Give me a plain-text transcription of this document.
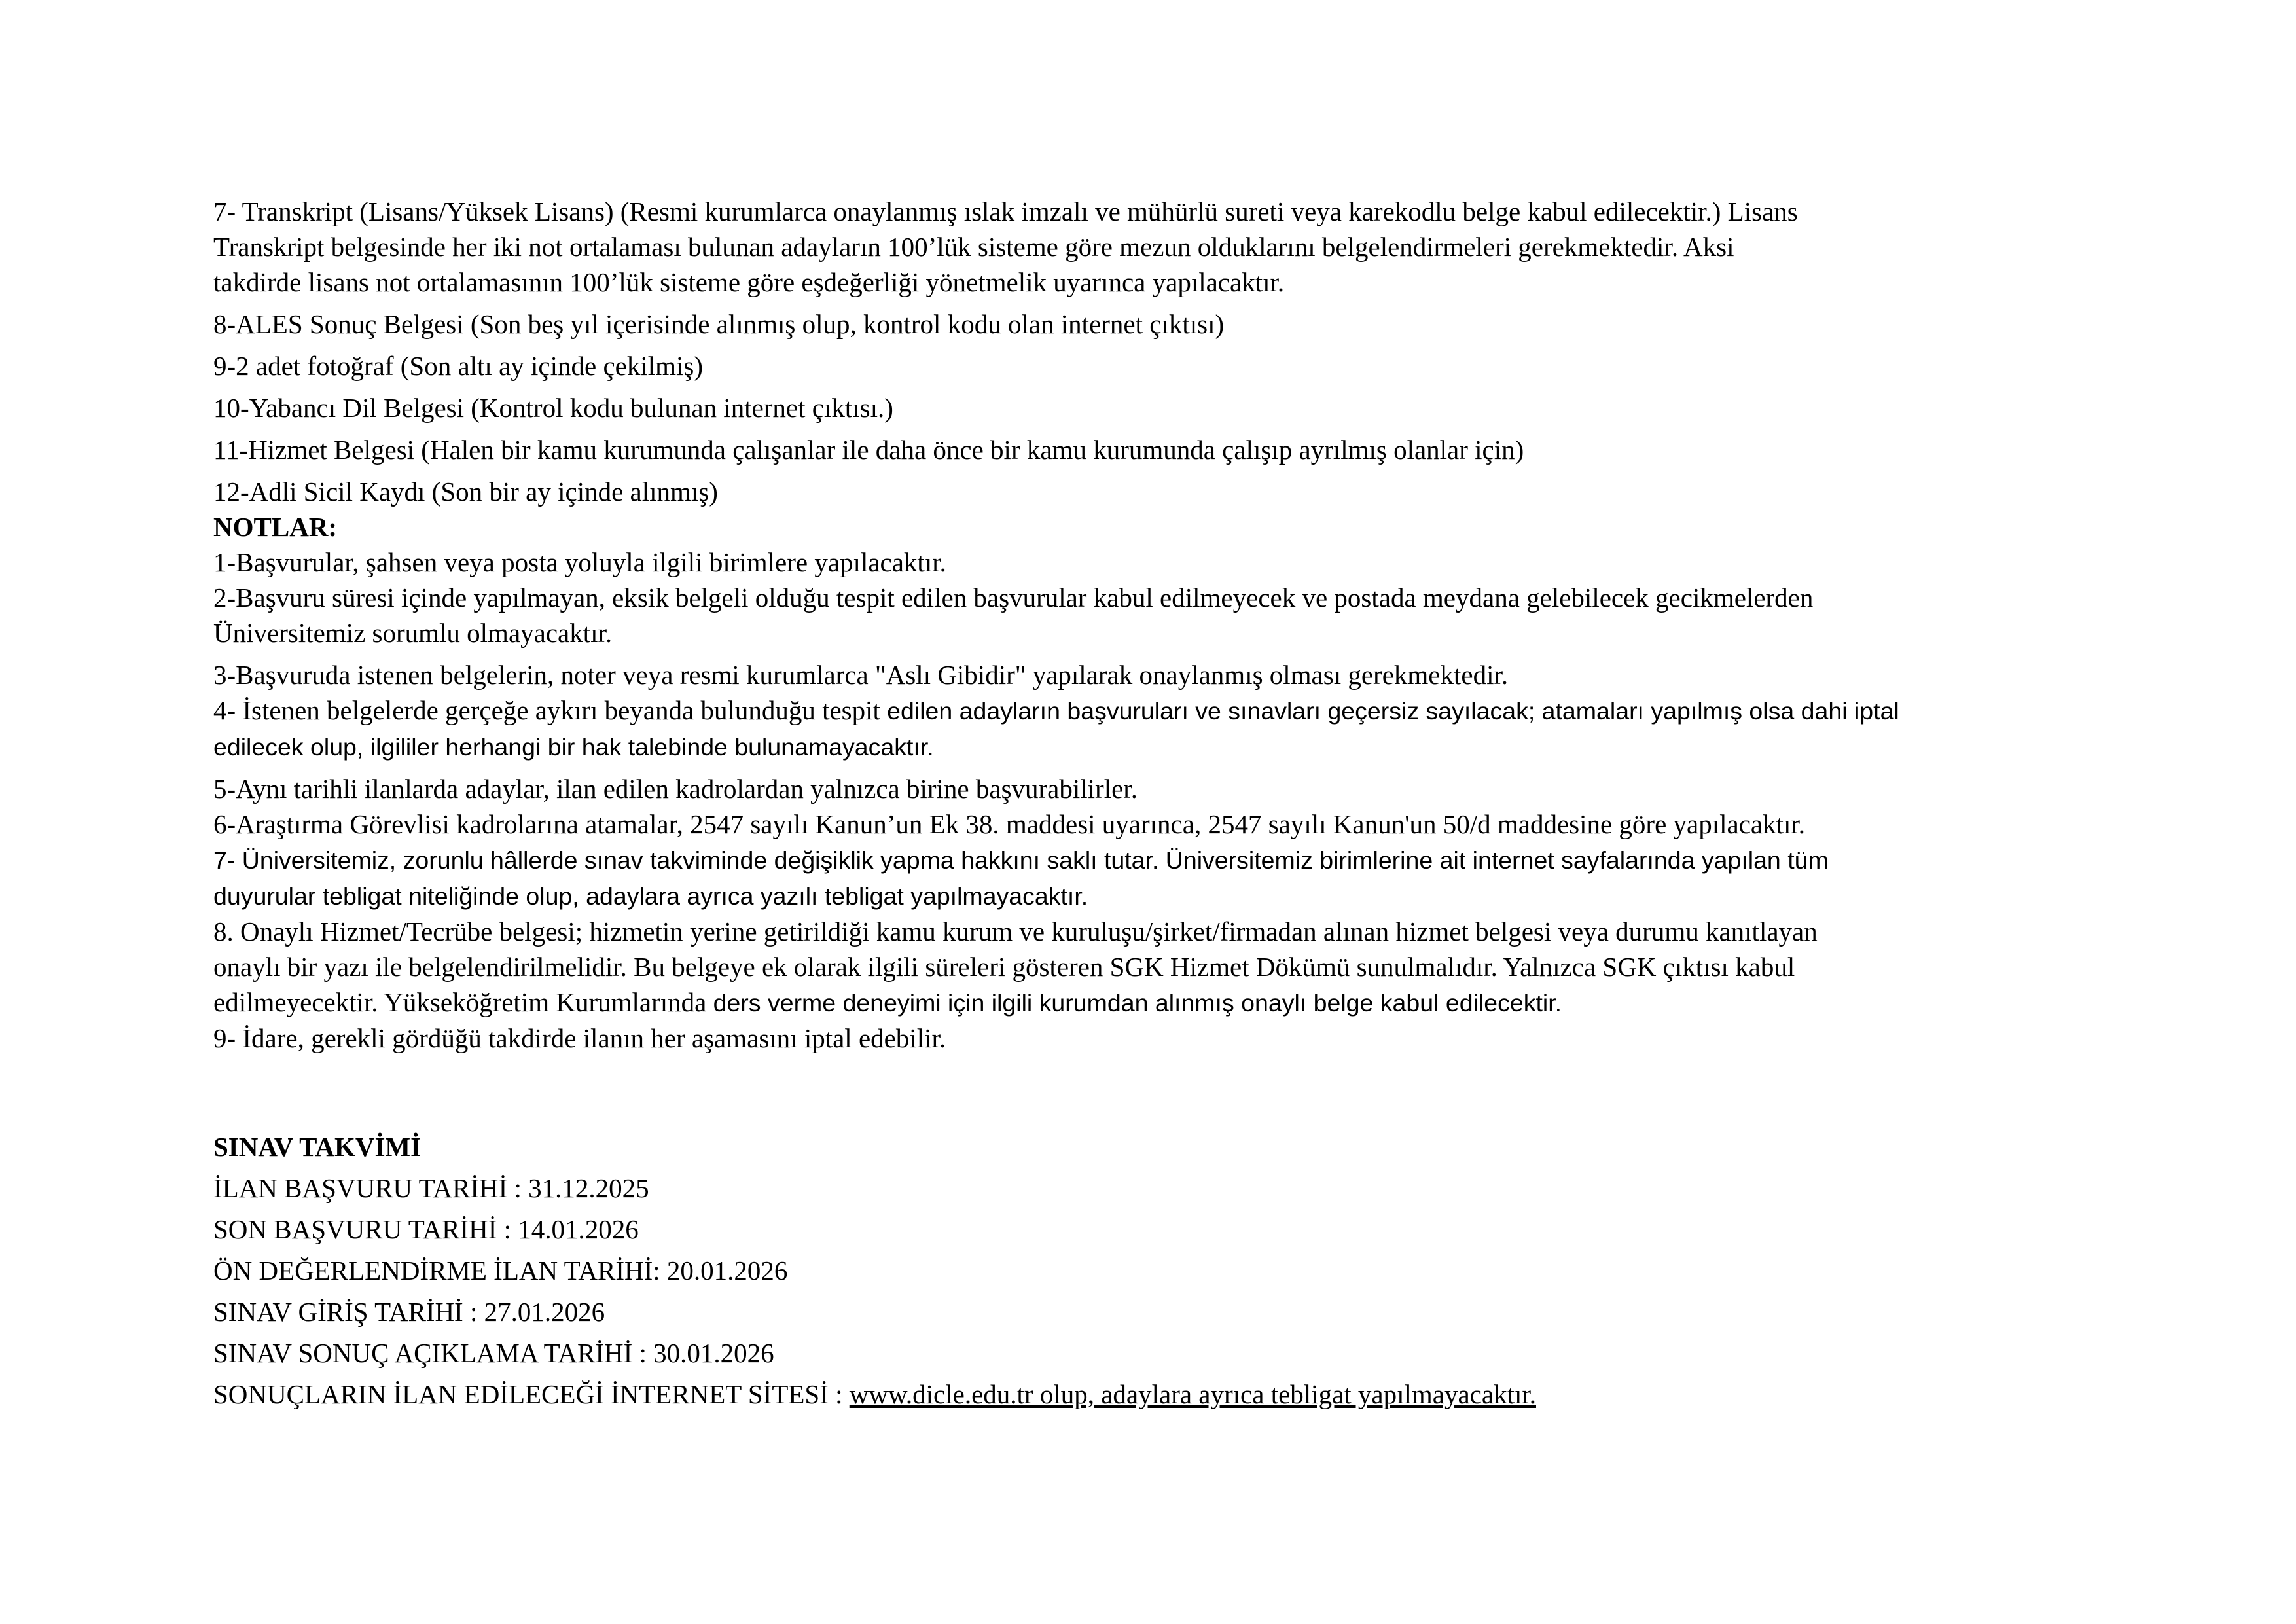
7- Transkript (Lisans/Yüksek Lisans) (Resmi kurumlarca onaylanmış ıslak imzalı ve mühürlü sureti veya karekodlu belge kabul edilecektir.) Lisans
Transkript belgesinde her iki not ortalaması bulunan adayların 100’lük sisteme göre mezun olduklarını belgelendirmeleri gerekmektedir. Aksi
takdirde lisans not ortalamasının 100’lük sisteme göre eşdeğerliği yönetmelik uyarınca yapılacaktır.

8-ALES Sonuç Belgesi (Son beş yıl içerisinde alınmış olup, kontrol kodu olan internet çıktısı)

9-2 adet fotoğraf (Son altı ay içinde çekilmiş)

10-Yabancı Dil Belgesi (Kontrol kodu bulunan internet çıktısı.)

11-Hizmet Belgesi (Halen bir kamu kurumunda çalışanlar ile daha önce bir kamu kurumunda çalışıp ayrılmış olanlar için)

12-Adli Sicil Kaydı (Son bir ay içinde alınmış)

NOTLAR:

1-Başvurular, şahsen veya posta yoluyla ilgili birimlere yapılacaktır.

2-Başvuru süresi içinde yapılmayan, eksik belgeli olduğu tespit edilen başvurular kabul edilmeyecek ve postada meydana gelebilecek gecikmelerden
Üniversitemiz sorumlu olmayacaktır.

3-Başvuruda istenen belgelerin, noter veya resmi kurumlarca "Aslı Gibidir" yapılarak onaylanmış olması gerekmektedir.

4- İstenen belgelerde gerçeğe aykırı beyanda bulunduğu tespit edilen adayların başvuruları ve sınavları geçersiz sayılacak; atamaları yapılmış olsa dahi iptal
edilecek olup, ilgililer herhangi bir hak talebinde bulunamayacaktır.

5-Aynı tarihli ilanlarda adaylar, ilan edilen kadrolardan yalnızca birine başvurabilirler.

6-Araştırma Görevlisi kadrolarına atamalar, 2547 sayılı Kanun’un Ek 38. maddesi uyarınca, 2547 sayılı Kanun'un 50/d maddesine göre yapılacaktır.

7- Üniversitemiz, zorunlu hâllerde sınav takviminde değişiklik yapma hakkını saklı tutar. Üniversitemiz birimlerine ait internet sayfalarında yapılan tüm
duyurular tebligat niteliğinde olup, adaylara ayrıca yazılı tebligat yapılmayacaktır.

8. Onaylı Hizmet/Tecrübe belgesi; hizmetin yerine getirildiği kamu kurum ve kuruluşu/şirket/firmadan alınan hizmet belgesi veya durumu kanıtlayan
onaylı bir yazı ile belgelendirilmelidir. Bu belgeye ek olarak ilgili süreleri gösteren SGK Hizmet Dökümü sunulmalıdır. Yalnızca SGK çıktısı kabul
edilmeyecektir. Yükseköğretim Kurumlarında ders verme deneyimi için ilgili kurumdan alınmış onaylı belge kabul edilecektir.

9- İdare, gerekli gördüğü takdirde ilanın her aşamasını iptal edebilir.

SINAV TAKVİMİ

İLAN BAŞVURU TARİHİ : 31.12.2025

SON BAŞVURU TARİHİ : 14.01.2026

ÖN DEĞERLENDİRME İLAN TARİHİ: 20.01.2026

SINAV GİRİŞ TARİHİ : 27.01.2026

SINAV SONUÇ AÇIKLAMA TARİHİ : 30.01.2026

SONUÇLARIN İLAN EDİLECEĞİ İNTERNET SİTESİ : www.dicle.edu.tr olup, adaylara ayrıca tebligat yapılmayacaktır.
